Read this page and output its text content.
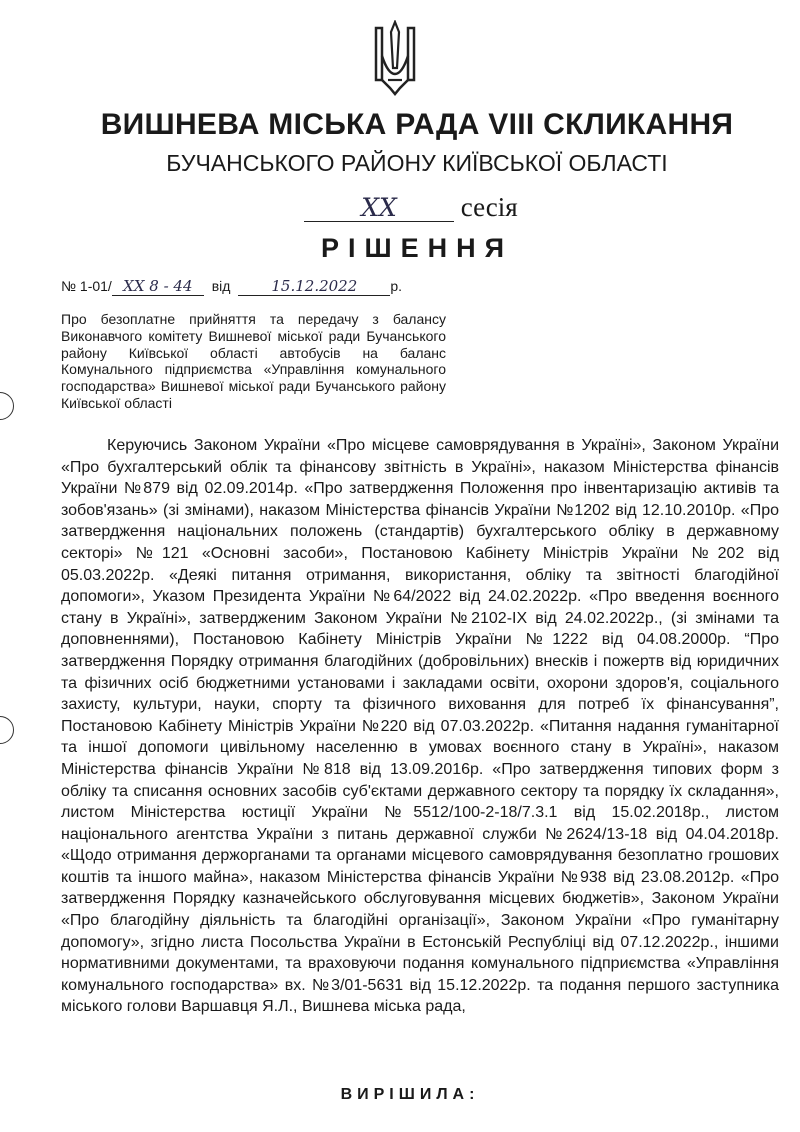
ВИШНЕВА МІСЬКА РАДА VIII СКЛИКАННЯ
БУЧАНСЬКОГО РАЙОНУ КИЇВСЬКОЇ ОБЛАСТІ
XX сесія
РІШЕННЯ
№ 1-01/ XX 8 - 44 від	15.12.2022 р.
Про безоплатне прийняття та передачу з балансу Виконавчого комітету Вишневої міської ради Бучанського району Київської області автобусів на баланс Комунального підприємства «Управління комунального господарства» Вишневої міської ради Бучанського району Київської області
Керуючись Законом України «Про місцеве самоврядування в Україні», Законом України «Про бухгалтерський облік та фінансову звітність в Україні», наказом Міністерства фінансів України №879 від 02.09.2014р. «Про затвердження Положення про інвентаризацію активів та зобов'язань» (зі змінами), наказом Міністерства фінансів України №1202 від 12.10.2010р. «Про затвердження національних положень (стандартів) бухгалтерського обліку в державному секторі» №121 «Основні засоби», Постановою Кабінету Міністрів України №202 від 05.03.2022р. «Деякі питання отримання, використання, обліку та звітності благодійної допомоги», Указом Президента України №64/2022 від 24.02.2022р. «Про введення воєнного стану в Україні», затвердженим Законом України №2102-IX від 24.02.2022р., (зі змінами та доповненнями), Постановою Кабінету Міністрів України №1222 від 04.08.2000р. “Про затвердження Порядку отримання благодійних (добровільних) внесків і пожертв від юридичних та фізичних осіб бюджетними установами і закладами освіти, охорони здоров'я, соціального захисту, культури, науки, спорту та фізичного виховання для потреб їх фінансування”, Постановою Кабінету Міністрів України №220 від 07.03.2022р. «Питання надання гуманітарної та іншої допомоги цивільному населенню в умовах воєнного стану в Україні», наказом Міністерства фінансів України №818 від 13.09.2016р. «Про затвердження типових форм з обліку та списання основних засобів суб'єктами державного сектору та порядку їх складання», листом Міністерства юстиції України №5512/100-2-18/7.3.1 від 15.02.2018р., листом національного агентства України з питань державної служби №2624/13-18 від 04.04.2018р. «Щодо отримання держорганами та органами місцевого самоврядування безоплатно грошових коштів та іншого майна», наказом Міністерства фінансів України №938 від 23.08.2012р. «Про затвердження Порядку казначейського обслуговування місцевих бюджетів», Законом України «Про благодійну діяльність та благодійні організації», Законом України «Про гуманітарну допомогу», згідно листа Посольства України в Естонській Республіці від 07.12.2022р., іншими нормативними документами, та враховуючи подання комунального підприємства «Управління комунального господарства» вх. №3/01-5631 від 15.12.2022р. та подання першого заступника міського голови Варшавця Я.Л., Вишнева міська рада,
ВИРІШИЛА:
